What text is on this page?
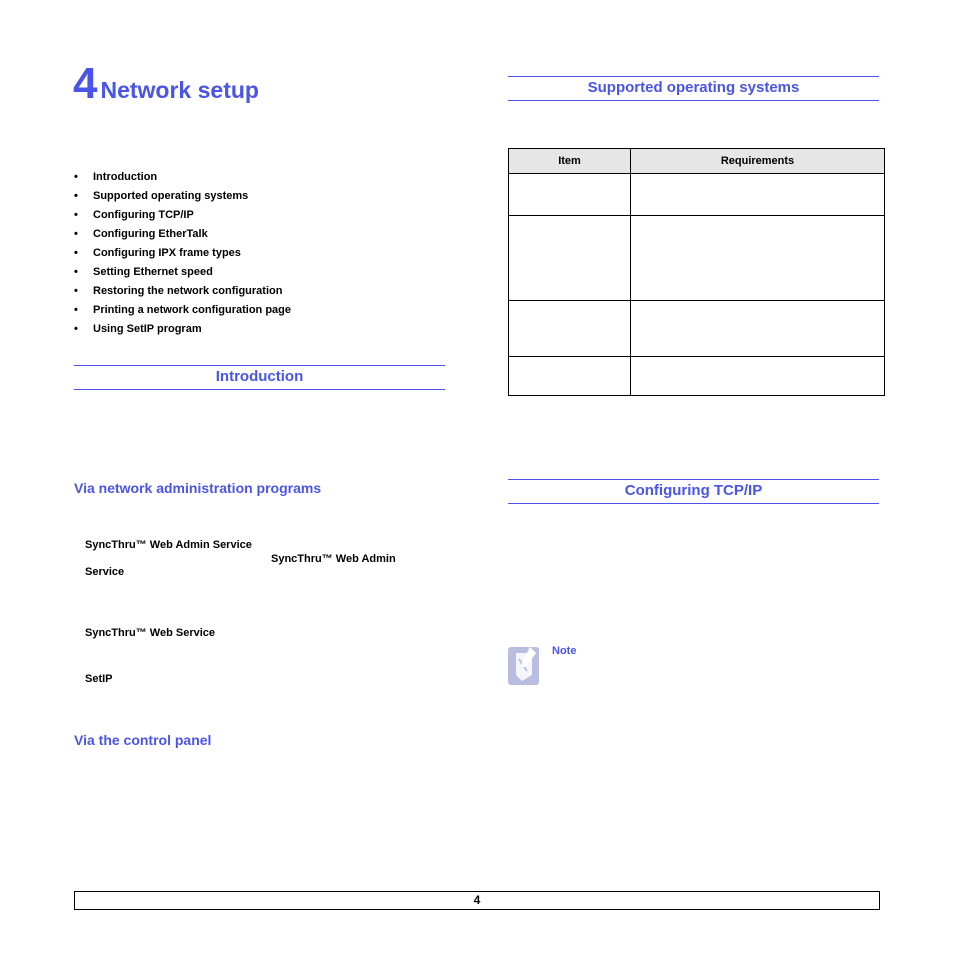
4 Network setup
• Introduction
• Supported operating systems
• Configuring TCP/IP
• Configuring EtherTalk
• Configuring IPX frame types
• Setting Ethernet speed
• Restoring the network configuration
• Printing a network configuration page
• Using SetIP program
Introduction
Via network administration programs
SyncThru™ Web Admin Service
SyncThru™ Web Admin
Service
SyncThru™ Web Service
SetIP
Via the control panel
Supported operating systems
Item	Requirements

Configuring TCP/IP
Note
4
